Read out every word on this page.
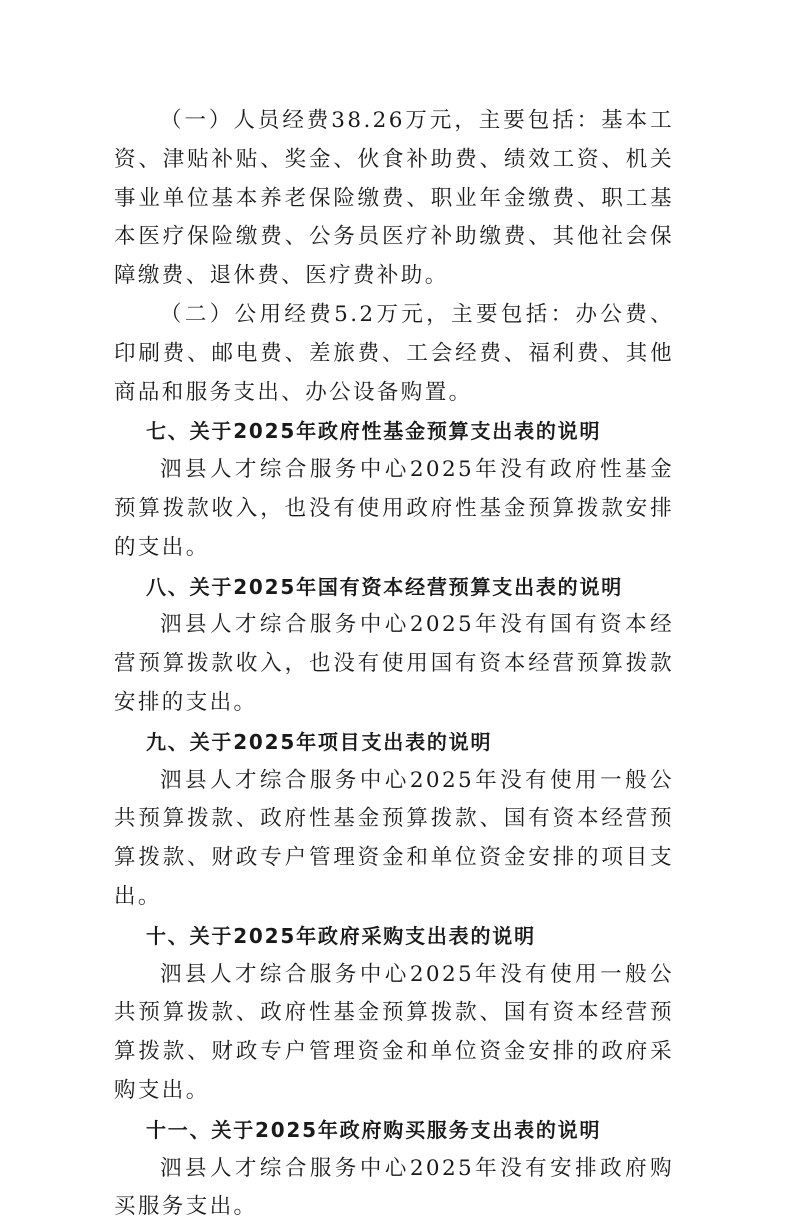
（一）人员经费38.26万元，主要包括：基本工资、津贴补贴、奖金、伙食补助费、绩效工资、机关事业单位基本养老保险缴费、职业年金缴费、职工基本医疗保险缴费、公务员医疗补助缴费、其他社会保障缴费、退休费、医疗费补助。

（二）公用经费5.2万元，主要包括：办公费、印刷费、邮电费、差旅费、工会经费、福利费、其他商品和服务支出、办公设备购置。

七、关于2025年政府性基金预算支出表的说明

泗县人才综合服务中心2025年没有政府性基金预算拨款收入，也没有使用政府性基金预算拨款安排的支出。

八、关于2025年国有资本经营预算支出表的说明

泗县人才综合服务中心2025年没有国有资本经营预算拨款收入，也没有使用国有资本经营预算拨款安排的支出。

九、关于2025年项目支出表的说明

泗县人才综合服务中心2025年没有使用一般公共预算拨款、政府性基金预算拨款、国有资本经营预算拨款、财政专户管理资金和单位资金安排的项目支出。

十、关于2025年政府采购支出表的说明

泗县人才综合服务中心2025年没有使用一般公共预算拨款、政府性基金预算拨款、国有资本经营预算拨款、财政专户管理资金和单位资金安排的政府采购支出。

十一、关于2025年政府购买服务支出表的说明

泗县人才综合服务中心2025年没有安排政府购买服务支出。
